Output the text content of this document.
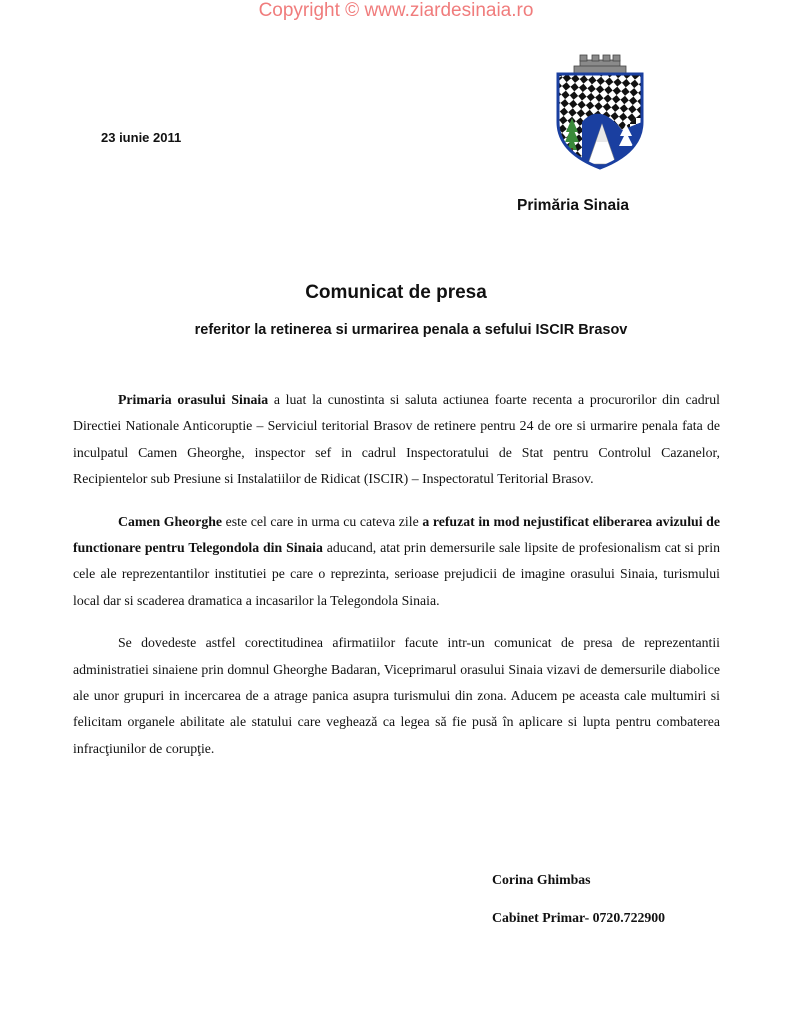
Copyright © www.ziardesinaia.ro
23 iunie 2011
Primăria Sinaia
Comunicat de presa
referitor la retinerea si urmarirea penala a sefului ISCIR Brasov

Primaria orasului Sinaia a luat la cunostinta si saluta actiunea foarte recenta a procurorilor din cadrul Directiei Nationale Anticoruptie – Serviciul teritorial Brasov de retinere pentru 24 de ore si urmarire penala fata de inculpatul Camen Gheorghe, inspector sef in cadrul Inspectoratului de Stat pentru Controlul Cazanelor, Recipientelor sub Presiune si Instalatiilor de Ridicat (ISCIR) – Inspectoratul Teritorial Brasov.

Camen Gheorghe este cel care in urma cu cateva zile a refuzat in mod nejustificat eliberarea avizului de functionare pentru Telegondola din Sinaia aducand, atat prin demersurile sale lipsite de profesionalism cat si prin cele ale reprezentantilor institutiei pe care o reprezinta, serioase prejudicii de imagine orasului Sinaia, turismului local dar si scaderea dramatica a incasarilor la Telegondola Sinaia.

Se dovedeste astfel corectitudinea afirmatiilor facute intr-un comunicat de presa de reprezentantii administratiei sinaiene prin domnul Gheorghe Badaran, Viceprimarul orasului Sinaia vizavi de demersurile diabolice ale unor grupuri in incercarea de a atrage panica asupra turismului din zona. Aducem pe aceasta cale multumiri si felicitam organele abilitate ale statului care veghează ca legea să fie pusă în aplicare si lupta pentru combaterea infracţiunilor de corupţie.

Corina Ghimbas
Cabinet Primar- 0720.722900
